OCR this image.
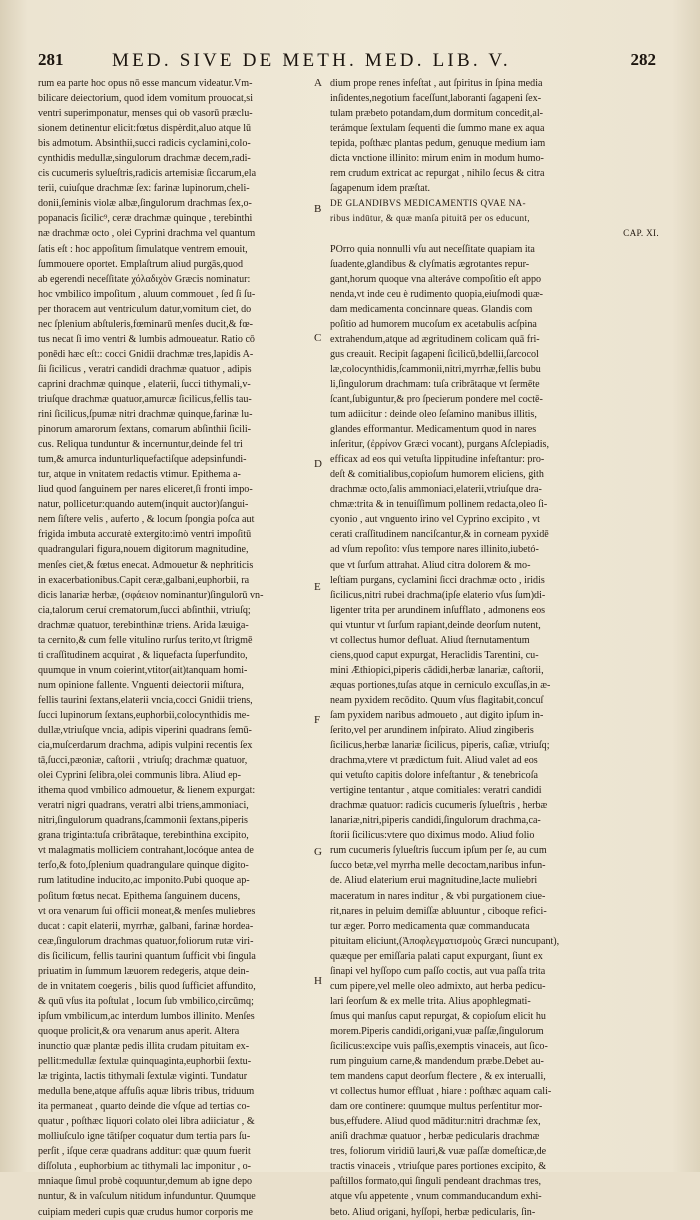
281	MED. SIVE DE METH. MED. LIB. V.	282
rum ea parte hoc opus nō esse mancum videatur.Vm-
bilicare deiectorium, quod idem vomitum prouocat,si
ventri superimponatur, menses qui ob vasorū præclu-
sionem detinentur elicit:fœtus dispèrdit,aluo atque lū
bis admotum. Absinthii,succi radicis cyclamini,colo-
cynthidis medullæ,singulorum drachmæ decem,radi-
cis cucumeris sylueſtris,radicis artemisiæ ſiccarum,ela
terii, cuiuſque drachmæ ſex: farinæ lupinorum,cheli-
donii,ſeminis violæ albæ,ſingulorum drachmas ſex,o-
popanacis ſicilic⁹, ceræ drachmæ quinque , terebinthi
næ drachmæ octo , olei Cyprini drachma vel quantum
ſatis eſt : hoc appoſitum ſimulatque ventrem emouit,
ſummouere oportet. Emplaſtrum aliud purgās,quod
ab egerendi neceſſitate χόλαδιχὸν Græcis nominatur:
hoc vmbilico impoſitum , aluum commouet , ſed ſi ſu-
per thoracem aut ventriculum datur,vomitum ciet, do
nec ſplenium abſtuleris,fœminarū menſes ducit,& fœ-
tus necat ſi imo ventri & lumbis admoueatur. Ratio cō
ponēdi hæc eſt:: cocci Gnidii drachmæ tres,lapidis A-
ſii ſicilicus , veratri candidi drachmæ quatuor , adipis
caprini drachmæ quinque , elaterii, ſucci tithymali,v-
triuſque drachmæ quatuor,amurcæ ſicilicus,fellis tau-
rini ſicilicus,ſpumæ nitri drachmæ quinque,farinæ lu-
pinorum amarorum ſextans, comarum abſinthii ſicili-
cus. Reliqua tunduntur & incernuntur,deinde fel tri
tum,& amurca indunturliquefactiſque adepsinfundi-
tur, atque in vnitatem redactis vtimur. Epithema a-
liud quod ſanguinem per nares eliceret,ſi fronti impo-
natur, pollicetur:quando autem(inquit auctor)ſangui-
nem ſiſtere velis , auferto , & locum ſpongia poſca aut
frigida imbuta accuratè extergito:imò ventri impoſitū
quadrangulari figura,nouem digitorum magnitudine,
menſes ciet,& fœtus enecat. Admouetur & nephriticis
in exacerbationibus.Capit ceræ,galbani,euphorbii, ra
dicis lanariæ herbæ, (σφάειον nominantur)ſingulorū vn-
cia,talorum ceruí crematorum,ſucci abſinthii, vtriuſq;
drachmæ quatuor, terebinthinæ triens. Arida læuiga-
ta cernito,& cum felle vitulino rurſus terito,vt ſtrigmē
ti craſſitudinem acquirat , & liquefacta ſuperfundito,
quumque in vnum coierint,vtitor(ait)tanquam homi-
num opinione fallente. Vnguenti deiectorii miſtura,
fellis taurini ſextans,elaterii vncia,cocci Gnidii triens,
ſucci lupinorum ſextans,euphorbii,colocynthidis me-
dullæ,vtriuſque vncia, adipis viperini quadrans ſemū-
cia,muſcerdarum drachma, adipis vulpini recentis ſex
tā,ſucci,pæoniæ, caſtorii , vtriuſq; drachmæ quatuor,
olei Cyprini ſelibra,olei communis libra. Aliud ep-
ithema quod vmbilico admouetur, & lienem expurgat:
veratri nigri quadrans, veratri albi triens,ammoniaci,
nitri,ſingulorum quadrans,ſcammonii ſextans,piperis
grana triginta:tuſa cribrātaque, terebinthina excipito,
vt malagmatis molliciem contrahant,locóque antea de
terſo,& foto,ſplenium quadrangulare quinque digito-
rum latitudine inducito,ac imponito.Pubi quoque ap-
poſitum fœtus necat. Epithema ſanguinem ducens,
vt ora venarum ſui officii moneat,& menſes muliebres
ducat : capit elaterii, myrrhæ, galbani, farinæ hordea-
ceæ,ſingulorum drachmas quatuor,foliorum rutæ viri-
dis ſicilicum, fellis taurini quantum ſufficit vbi ſingula
priuatim in ſummum læuorem redegeris, atque dein-
de in vnitatem coegeris , bilis quod ſufficiet affundito,
& quū vſus ita poſtulat , locum ſub vmbilico,circūmq;
ipſum vmbilicum,ac interdum lumbos illinito. Menſes
quoque prolicit,& ora venarum anus aperit. Altera
inunctio quæ plantæ pedis illita crudam pituitam ex-
pellit:medullæ ſextulæ quinquaginta,euphorbii ſextu-
læ triginta, lactis tithymali ſextulæ viginti. Tundatur
medulla bene,atque affuſis aquæ libris tribus, triduum
ita permaneat , quarto deinde die vſque ad tertias co-
quatur , poſthæc liquori colato olei libra adiiciatur , &
molliuſculo igne tātiſper coquatur dum tertia pars ſu-
perſit , iſque ceræ quadrans additur: quæ quum fuerit
diſſoluta , euphorbium ac tithymali lac imponitur , o-
mniaque ſimul probè coquuntur,demum ab igne depo
nuntur, & in vaſculum nitidum infunduntur. Quumque
cuipiam mederi cupis quæ crudus humor corporis me
dium prope renes infeſtat , aut ſpiritus in ſpina media
inſidentes,negotium faceſſunt,laboranti ſagapeni ſex-
tulam præbeto potandam,dum dormitum concedit,al-
terámque ſextulam ſequenti die ſummo mane ex aqua
tepida, poſthæc plantas pedum, genuque medium iam
dicta vnctione illinito: mirum enim in modum humo-
rem crudum extricat ac repurgat , nihilo ſecus & citra
ſagapenum idem præſtat.
DE GLANDIBVS MEDICAMENTIS QVAE NA-
ribus indūtur, & quæ manſa pituitā per os educunt,
CAP. XI.
POrro quia nonnulli vſu aut neceſſitate quapiam ita
ſuadente,glandibus & clyſmatis ægrotantes repur-
gant,horum quoque vna alteráve compoſitio eſt appo
nenda,vt inde ceu è rudimento quopia,eiuſmodi quæ-
dam medicamenta concinnare queas. Glandis com
poſitio ad humorem mucoſum ex acetabulis acſpina
extrahendum,atque ad ægritudinem colicam quā fri-
gus creauit. Recipit ſagapeni ſicilicū,bdellii,ſarcocol
læ,colocynthidis,ſcammonii,nitri,myrrhæ,fellis bubu
li,ſingulorum drachmam: tuſa cribrātaque vt ſermēte
ſcant,ſubiguntur,& pro ſpecierum pondere mel coctē-
tum adiicitur : deinde oleo ſeſamino manibus illitis,
glandes efformantur. Medicamentum quod in nares
inſeritur, (ἐρρίνον Græci vocant), purgans Aſclepiadis,
efficax ad eos qui vetuſta lippitudine infeſtantur: pro-
deſt & comitialibus,copioſum humorem eliciens, gith
drachmæ octo,ſalis ammoniaci,elaterii,vtriuſque dra-
chmæ:trita & in tenuiſſimum pollinem redacta,oleo ſi-
cyonio , aut vnguento irino vel Cyprino excipito , vt
cerati craſſitudinem nanciſcantur,& in corneam pyxidē
ad vſum repoſito: vſus tempore nares illinito,iubetó-
que vt ſurſum attrahat. Aliud citra dolorem & mo-
leſtiam purgans, cyclamini ſicci drachmæ octo , iridis
ſicilicus,nitri rubei drachma(ipſe elaterio vſus ſum)di-
ligenter trita per arundinem inſufflato , admonens eos
qui vtuntur vt ſurſum rapiant,deinde deorſum nutent,
vt collectus humor defluat. Aliud ſternutamentum
ciens,quod caput expurgat, Heraclidis Tarentini, cu-
mini Æthiopici,piperis cādidi,herbæ lanariæ, caſtorii,
æquas portiones,tuſas atque in cerniculo excuſſas,in æ-
neam pyxidem recōdito. Quum vſus flagitabit,concuſ
ſam pyxidem naribus admoueto , aut digito ipſum in-
ſerito,vel per arundinem inſpirato. Aliud zingiberis
ſicilicus,herbæ lanariæ ſicilicus, piperis, caſiæ, vtriuſq;
drachma,vtere vt prædictum fuit. Aliud valet ad eos
qui vetuſto capitis dolore infeſtantur , & tenebricoſa
vertigine tentantur , atque comitiales: veratri candidi
drachmæ quatuor: radicis cucumeris ſylueſtris , herbæ
lanariæ,nitri,piperis candidi,ſingulorum drachma,ca-
ſtorii ſicilicus:vtere quo diximus modo. Aliud folio
rum cucumeris ſylueſtris ſuccum ipſum per ſe, au cum
ſucco betæ,vel myrrha melle decoctam,naribus infun-
de. Aliud elaterium erui magnitudine,lacte muliebri
maceratum in nares inditur , & vbi purgationem ciue-
rit,nares in peluim demiſſæ abluuntur , ciboque refici-
tur æger. Porro medicamenta quæ commanducata
pituitam eliciunt,(Ἀποφλεγματισμοὺς Græci nuncupant),
quæque per emiſſaria palati caput expurgant, ſiunt ex
ſinapi vel hyſſopo cum paſſo coctis, aut vua paſſa trita
cum pipere,vel melle oleo admixto, aut herba pedicu-
lari ſeorſum & ex melle trita. Alius apophlegmati-
ſmus qui manſus caput repurgat, & copioſum elicit hu
morem.Piperis candidi,origani,vuæ paſſæ,ſingulorum
ſicilicus:excipe vuis paſſis,exemptis vinaceis, aut ſico-
rum pinguium carne,& mandendum præbe.Debet au-
tem mandens caput deorſum flectere , & ex interualli,
vt collectus humor effluat , hiare : poſthæc aquam cali-
dam ore continere: quumque multus perſentitur mor-
bus,effudere. Aliud quod māditur:nitri drachmæ ſex,
aniſi drachmæ quatuor , herbæ pedicularis drachmæ
tres, foliorum viridiū lauri,& vuæ paſſæ domeſticæ,de
tractis vinaceis , vtriuſque pares portiones excipito, &
paſtillos formato,qui ſinguli pendeant drachmas tres,
atque vſu appetente , vnum commanducandum exhi-
beto. Aliud origani, hyſſopi, herbæ pedicularis, ſin-
A
B
C
D
E
F
G
H
